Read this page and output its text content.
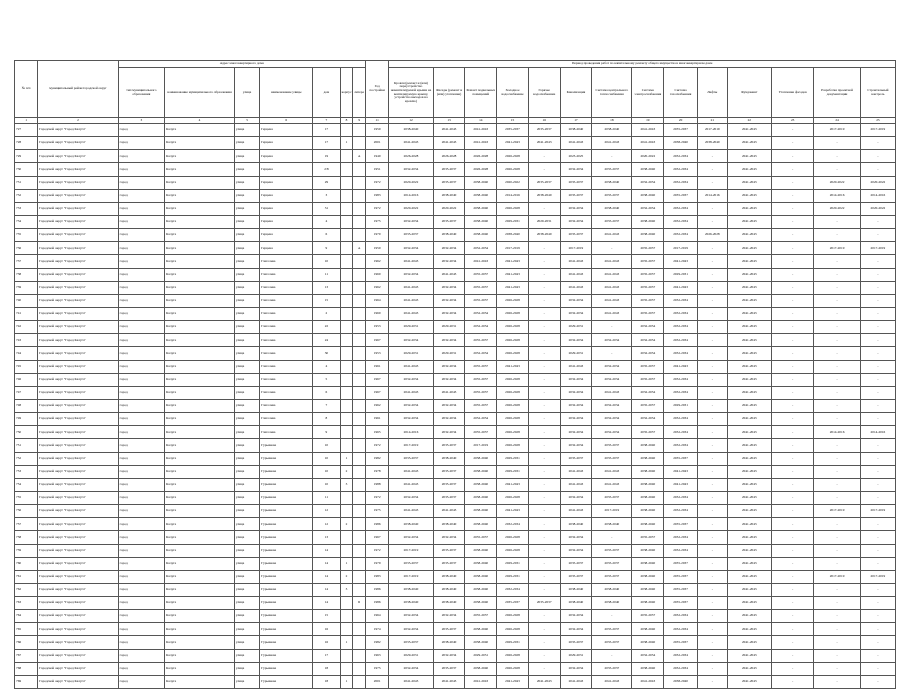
№ п/п	муниципальный район/городской округ	Адрес многоквартирного дома							Год постройки	Период проведения работ по капитальному ремонту общего имущества в многоквартирном доме													
		тип муниципального образования	наименование муниципального образования	улица	наименование улицы	дом	корпус	литера		Кровля (ремонт и (или) переустройство невентилируемой крыши на вентилируемую крышу, устройство выходов на кровлю)	Фасады (ремонт и (или) утепление)	Ремонт подвальных помещений	Холодное водоснабжение	Горячее водоснабжение	Канализация	Система центрального теплоснабжения	Система электроснабжения	Система газоснабжения	Лифты	Фундамент	Утепление фасадов	Разработка проектной документации	Строительный контроль
1	2	3	4	5	6	7	8	9	11	12	13	14	15	16	17	18	19	20	21	22	23	24	25
727	Городской округ "Город Калуга"	город	Калуга	улица	Герцена	17			1950	2038-2040	2041-2043	2041-2043	2035-2037	2035-2037	2038-2040	2038-2040	2041-2043	2035-2037	2017-2019	2041-2043	-	2017-2019	2017-2019
728	Городской округ "Город Калуга"	город	Калуга	улица	Герцена	17	1		2001	2041-2043	2041-2043	2041-2043	2041-2043	2041-2043	2041-2043	2041-2043	2041-2043	2038-2040	2038-2040	2041-2043	-	-	-
729	Городской округ "Город Калуга"	город	Калуга	улица	Герцена	19		А	1940	2026-2028	2026-2028	2026-2028	2026-2028	-	2023-2025	-	2020-2022	2032-2034	-	2041-2043	-	-	-
730	Городской округ "Город Калуга"	город	Калуга	улица	Герцена	2/8			1951	2032-2034	2035-2037	2026-2028	2026-2028	-	2032-2034	2035-2037	2038-2040	2032-2034	-	2041-2043	-	-	-
731	Городской округ "Город Калуга"	город	Калуга	улица	Герцена	29			1972	2020-2022	2035-2037	2038-2040	2020-2022	2035-2037	2035-2037	2038-2040	2032-2034	2032-2034	-	2041-2043	-	2020-2022	2020-2022
732	Городской округ "Город Калуга"	город	Калуга	улица	Герцена	3			1983	2014-2016	2038-2040	2038-2040	2014-2016	2038-2040	2035-2037	2035-2037	2038-2040	2035-2037	2014-2016	2041-2043	-	2014-2016	2014-2016
733	Городской округ "Город Калуга"	город	Калуга	улица	Герцена	31			1972	2020-2022	2020-2022	2038-2040	2026-2028	-	2032-2034	2038-2040	2032-2034	2032-2034	-	2041-2043	-	2020-2022	2020-2022
734	Городской округ "Город Калуга"	город	Калуга	улица	Герцена	4			1975	2032-2034	2035-2037	2038-2040	2029-2031	2029-2031	2032-2034	2035-2037	2038-2040	2032-2034	-	2041-2043	-	-	-
735	Городской округ "Город Калуга"	город	Калуга	улица	Герцена	6			1970	2035-2037	2038-2040	2038-2040	2038-2040	2038-2040	2035-2037	2041-2043	2038-2040	2032-2034	2026-2028	2041-2043	-	-	-
736	Городской округ "Город Калуга"	город	Калуга	улица	Герцена	9		А	1950	2032-2034	2032-2034	2032-2034	2017-2019	-	2017-2019	-	2035-2037	2017-2019	-	2041-2043	-	2017-2019	2017-2019
737	Городской округ "Город Калуга"	город	Калуга	улица	Глаголева	10			1962	2041-2043	2032-2034	2041-2043	2041-2043	-	2041-2043	2041-2043	2035-2037	2041-2043	-	2041-2043	-	-	-
738	Городской округ "Город Калуга"	город	Калуга	улица	Глаголева	11			1960	2032-2034	2041-2043	2035-2037	2041-2043	-	2041-2043	2041-2043	2035-2037	2029-2031	-	2041-2043	-	-	-
739	Городской округ "Город Калуга"	город	Калуга	улица	Глаголева	13			1962	2041-2043	2032-2034	2035-2037	2041-2043	-	2041-2043	2041-2043	2035-2037	2041-2043	-	2041-2043	-	-	-
740	Городской округ "Город Калуга"	город	Калуга	улица	Глаголева	15			1964	2041-2043	2032-2034	2035-2037	2026-2028	-	2032-2034	2041-2043	2035-2037	2032-2034	-	2041-2043	-	-	-
741	Городской округ "Город Калуга"	город	Калуга	улица	Глаголева	2			1960	2041-2043	2032-2034	2032-2034	2026-2028	-	2032-2034	2041-2043	2035-2037	2032-2034	-	2041-2043	-	-	-
742	Городской округ "Город Калуга"	город	Калуга	улица	Глаголева	22			1953	2029-2031	2029-2031	2032-2034	2026-2028	-	2029-2031	-	2032-2034	2032-2034	-	2041-2043	-	-	-
743	Городской округ "Город Калуга"	город	Калуга	улица	Глаголева	24			1967	2032-2034	2032-2034	2035-2037	2026-2028	-	2032-2034	2032-2034	2032-2034	2032-2034	-	2041-2043	-	-	-
744	Городской округ "Город Калуга"	город	Калуга	улица	Глаголева	30			1953	2029-2031	2029-2031	2032-2034	2026-2028	-	2029-2031	-	2032-2034	2032-2034	-	2041-2043	-	-	-
745	Городской округ "Город Калуга"	город	Калуга	улица	Глаголева	4			1961	2041-2043	2032-2034	2035-2037	2041-2043	-	2041-2043	2032-2034	2035-2037	2041-2043	-	2041-2043	-	-	-
746	Городской округ "Город Калуга"	город	Калуга	улица	Глаголева	5			1967	2032-2034	2032-2034	2035-2037	2026-2028	-	2032-2034	2032-2034	2035-2037	2032-2034	-	2041-2043	-	-	-
747	Городской округ "Город Калуга"	город	Калуга	улица	Глаголева	6			1967	2041-2043	2041-2043	2035-2037	2026-2028	-	2032-2034	2041-2043	2032-2034	2032-2034	-	2041-2043	-	-	-
748	Городской округ "Город Калуга"	город	Калуга	улица	Глаголева	7			1962	2032-2034	2032-2034	2035-2037	2026-2028	-	2032-2034	2032-2034	2035-2037	2029-2031	-	2041-2043	-	-	-
749	Городской округ "Город Калуга"	город	Калуга	улица	Глаголева	8			1961	2032-2034	2032-2034	2032-2034	2026-2028	-	2032-2034	2032-2034	2032-2034	2032-2034	-	2041-2043	-	-	-
750	Городской округ "Город Калуга"	город	Калуга	улица	Глаголева	9			1965	2014-2016	2032-2034	2035-2037	2026-2028	-	2032-2034	2032-2034	2035-2037	2032-2034	-	2041-2043	-	2014-2016	2014-2016
751	Городской округ "Город Калуга"	город	Калуга	улица	Гурьянова	10			1972	2017-2019	2035-2037	2017-2019	2026-2028	-	2032-2034	2035-2037	2038-2040	2032-2034	-	2041-2043	-	-	-
752	Городской округ "Город Калуга"	город	Калуга	улица	Гурьянова	10	1		1982	2035-2037	2038-2040	2038-2040	2029-2031	-	2035-2037	2035-2037	2038-2040	2035-2037	-	2041-2043	-	-	-
753	Городской округ "Город Калуга"	город	Калуга	улица	Гурьянова	10	2		1978	2041-2043	2035-2037	2038-2040	2029-2031	-	2041-2043	2041-2043	2038-2040	2041-2043	-	2041-2043	-	-	-
754	Городской округ "Город Калуга"	город	Калуга	улица	Гурьянова	10	3		1988	2041-2043	2035-2037	2038-2040	2041-2043	-	2041-2043	2041-2043	2038-2040	2041-2043	-	2041-2043	-	-	-
755	Городской округ "Город Калуга"	город	Калуга	улица	Гурьянова	11			1972	2032-2034	2035-2037	2038-2040	2026-2028	-	2032-2034	2035-2037	2038-2040	2032-2034	-	2041-2043	-	-	-
756	Городской округ "Город Калуга"	город	Калуга	улица	Гурьянова	12			1975	2041-2043	2041-2043	2038-2040	2041-2043	-	2041-2043	2017-2019	2038-2040	2032-2034	-	2041-2043	-	2017-2019	2017-2019
757	Городской округ "Город Калуга"	город	Калуга	улица	Гурьянова	12	2		1986	2038-2040	2038-2040	2038-2040	2032-2034	-	2038-2040	2038-2040	2038-2040	2035-2037	-	2041-2043	-	-	-
758	Городской округ "Город Калуга"	город	Калуга	улица	Гурьянова	13			1967	2032-2034	2032-2034	2035-2037	2026-2028	-	2032-2034	-	2035-2037	2032-2034	-	2041-2043	-	-	-
759	Городской округ "Город Калуга"	город	Калуга	улица	Гурьянова	14			1972	2017-2019	2035-2037	2038-2040	2026-2028	-	2032-2034	2035-2037	2038-2040	2032-2034	-	2041-2043	-	-	-
760	Городской округ "Город Калуга"	город	Калуга	улица	Гурьянова	14	1		1979	2035-2037	2035-2037	2038-2040	2029-2031	-	2035-2037	2035-2037	2038-2040	2035-2037	-	2041-2043	-	-	-
761	Городской округ "Город Калуга"	город	Калуга	улица	Гурьянова	14	2		1983	2017-2019	2038-2040	2038-2040	2029-2031	-	2035-2037	2035-2037	2038-2040	2035-2037	-	2041-2043	-	2017-2019	2017-2019
762	Городской округ "Город Калуга"	город	Калуга	улица	Гурьянова	14	3		1986	2038-2040	2038-2040	2038-2040	2032-2034	-	2038-2040	2038-2040	2038-2040	2035-2037	-	2041-2043	-	-	-
763	Городской округ "Город Калуга"	город	Калуга	улица	Гурьянова	14		Б	1986	2038-2040	2038-2040	2038-2040	2035-2037	2035-2037	2038-2040	2038-2040	2038-2040	2035-2037	-	2041-2043	-	-	-
764	Городской округ "Город Калуга"	город	Калуга	улица	Гурьянова	15			1964	2032-2034	2032-2034	2035-2037	2026-2028	-	2032-2034	-	2035-2037	2032-2034	-	2041-2043	-	-	-
765	Городской округ "Город Калуга"	город	Калуга	улица	Гурьянова	16			1974	2032-2034	2035-2037	2038-2040	2026-2028	-	2032-2034	2035-2037	2038-2040	2032-2034	-	2041-2043	-	-	-
766	Городской округ "Город Калуга"	город	Калуга	улица	Гурьянова	16	1		1982	2035-2037	2038-2040	2038-2040	2029-2031	-	2035-2037	2035-2037	2038-2040	2035-2037	-	2041-2043	-	-	-
767	Городской округ "Город Калуга"	город	Калуга	улица	Гурьянова	17			1963	2029-2031	2032-2034	2029-2031	2026-2028	-	2029-2031	-	2032-2034	2032-2034	-	2041-2043	-	-	-
768	Городской округ "Город Калуга"	город	Калуга	улица	Гурьянова	18			1975	2032-2034	2035-2037	2038-2040	2026-2028	-	2032-2034	2035-2037	2038-2040	2032-2034	-	2041-2043	-	-	-
769	Городской округ "Город Калуга"	город	Калуга	улица	Гурьянова	18	1		2001	2041-2043	2041-2043	2041-2043	2041-2043	2041-2043	2041-2043	2041-2043	2041-2043	2038-2040	-	2041-2043	-	-	-
